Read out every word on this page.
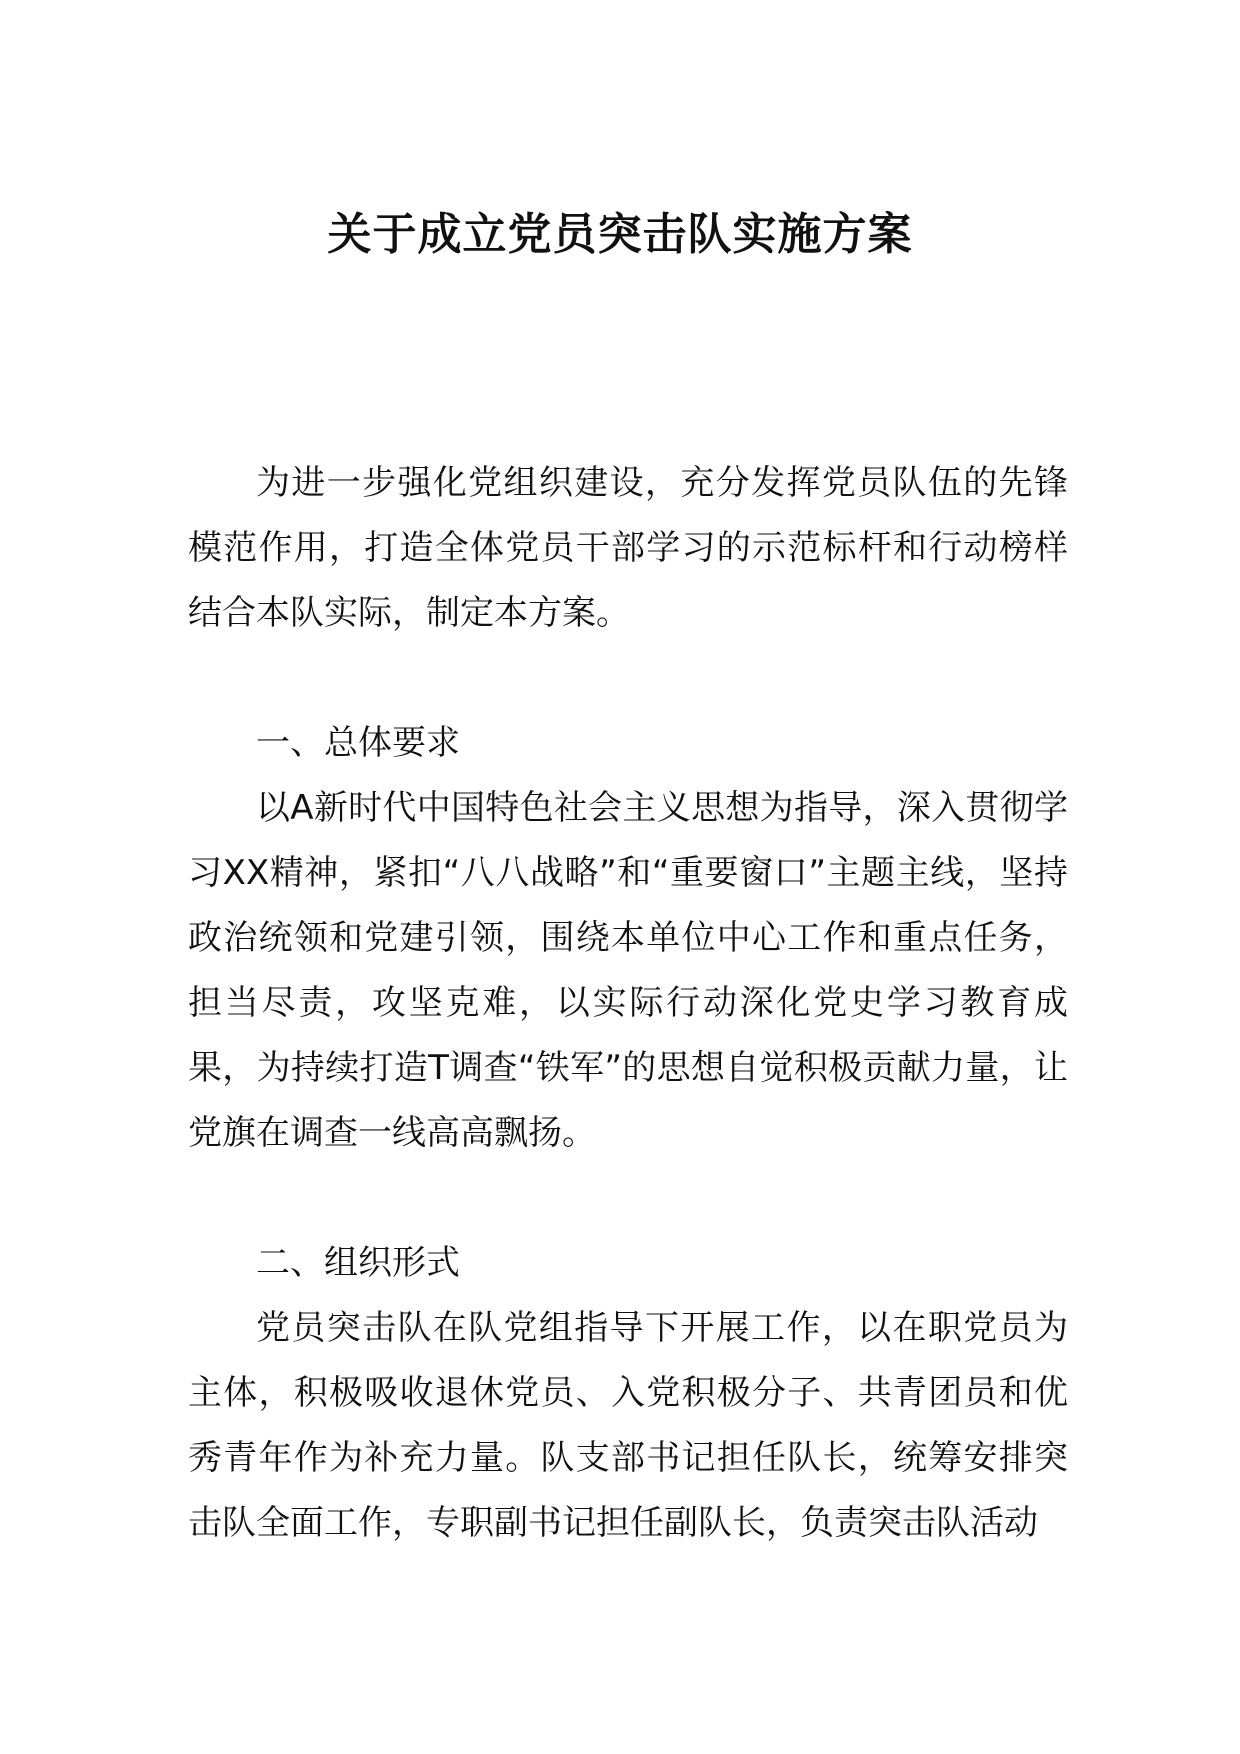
关于成立党员突击队实施方案

为进一步强化党组织建设，充分发挥党员队伍的先锋模范作用，打造全体党员干部学习的示范标杆和行动榜样结合本队实际，制定本方案。

一、总体要求

以A新时代中国特色社会主义思想为指导，深入贯彻学习XX精神，紧扣“八八战略”和“重要窗口”主题主线，坚持政治统领和党建引领，围绕本单位中心工作和重点任务，担当尽责，攻坚克难，以实际行动深化党史学习教育成果，为持续打造T调查“铁军”的思想自觉积极贡献力量，让党旗在调查一线高高飘扬。

二、组织形式

党员突击队在队党组指导下开展工作，以在职党员为主体，积极吸收退休党员、入党积极分子、共青团员和优秀青年作为补充力量。队支部书记担任队长，统筹安排突击队全面工作，专职副书记担任副队长，负责突击队活动
